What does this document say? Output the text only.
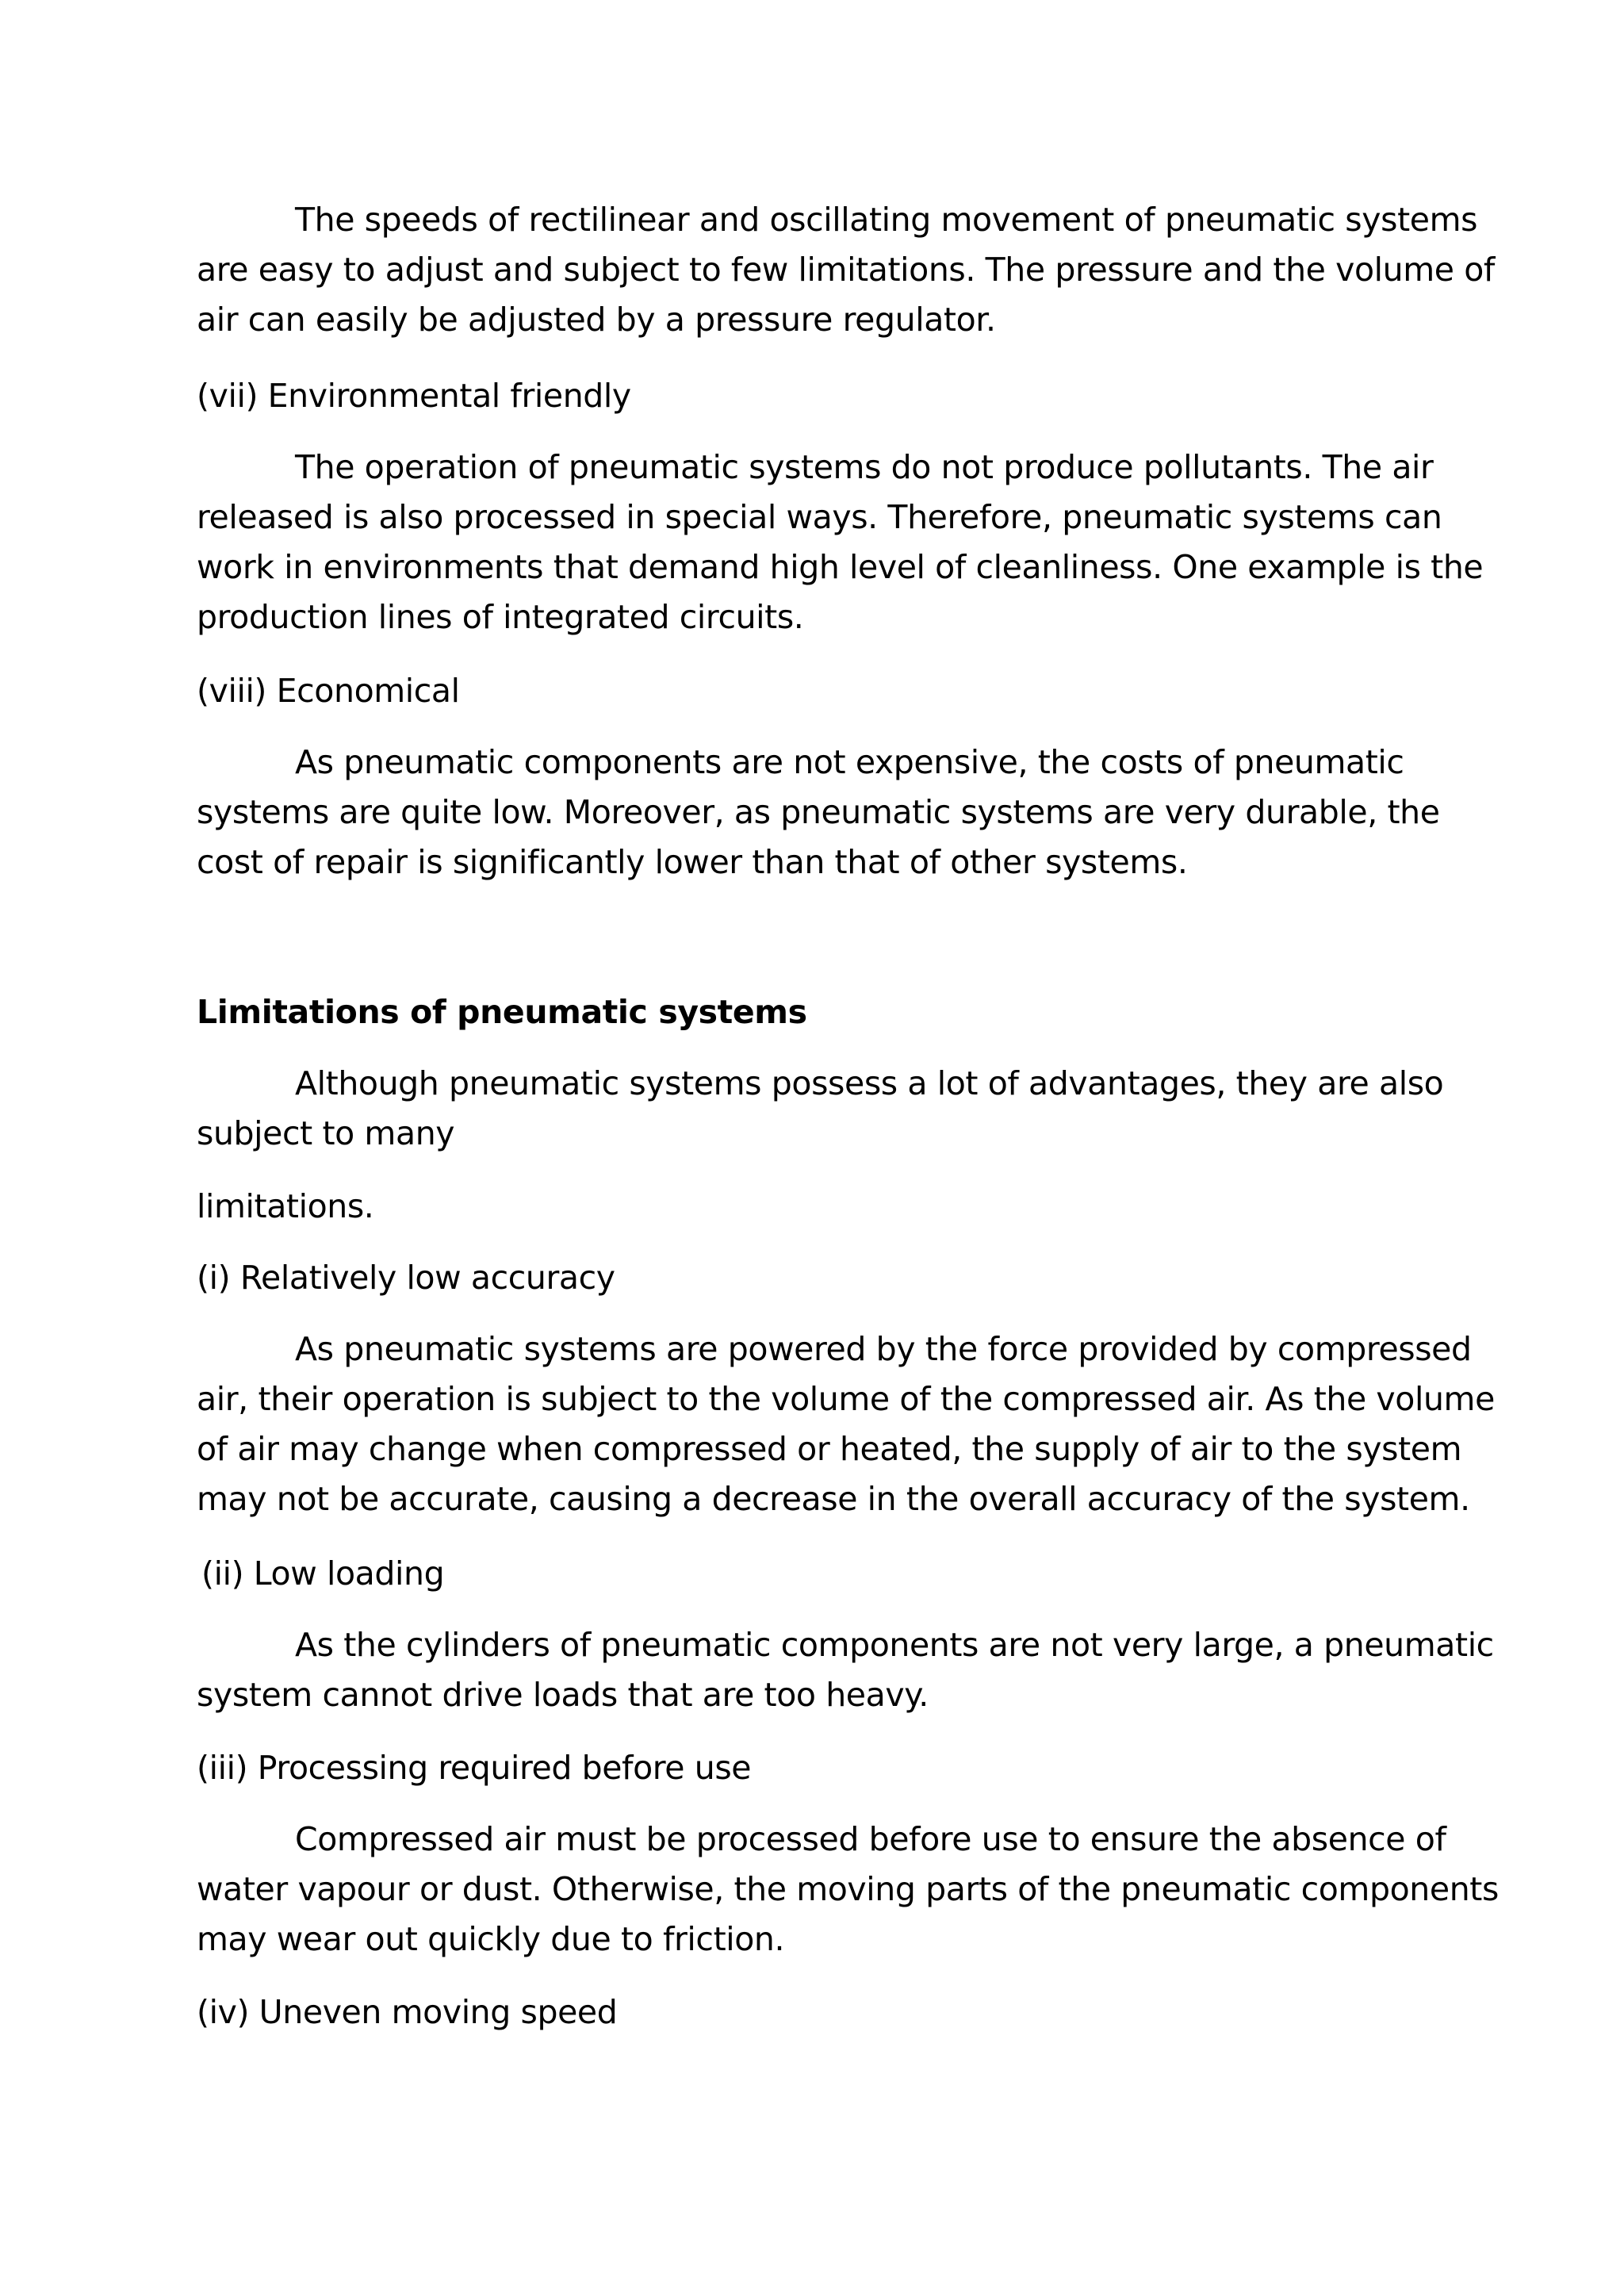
The speeds of rectilinear and oscillating movement of pneumatic systems are easy to adjust and subject to few limitations. The pressure and the volume of air can easily be adjusted by a pressure regulator.

(vii) Environmental friendly

The operation of pneumatic systems do not produce pollutants. The air released is also processed in special ways. Therefore, pneumatic systems can work in environments that demand high level of cleanliness. One example is the production lines of integrated circuits.

(viii) Economical

As pneumatic components are not expensive, the costs of pneumatic systems are quite low. Moreover, as pneumatic systems are very durable, the cost of repair is significantly lower than that of other systems.

Limitations of pneumatic systems

Although pneumatic systems possess a lot of advantages, they are also subject to many

limitations.

(i) Relatively low accuracy

As pneumatic systems are powered by the force provided by compressed air, their operation is subject to the volume of the compressed air. As the volume of air may change when compressed or heated, the supply of air to the system may not be accurate, causing a decrease in the overall accuracy of the system.

(ii) Low loading

As the cylinders of pneumatic components are not very large, a pneumatic system cannot drive loads that are too heavy.

(iii) Processing required before use

Compressed air must be processed before use to ensure the absence of water vapour or dust. Otherwise, the moving parts of the pneumatic components may wear out quickly due to friction.

(iv) Uneven moving speed
